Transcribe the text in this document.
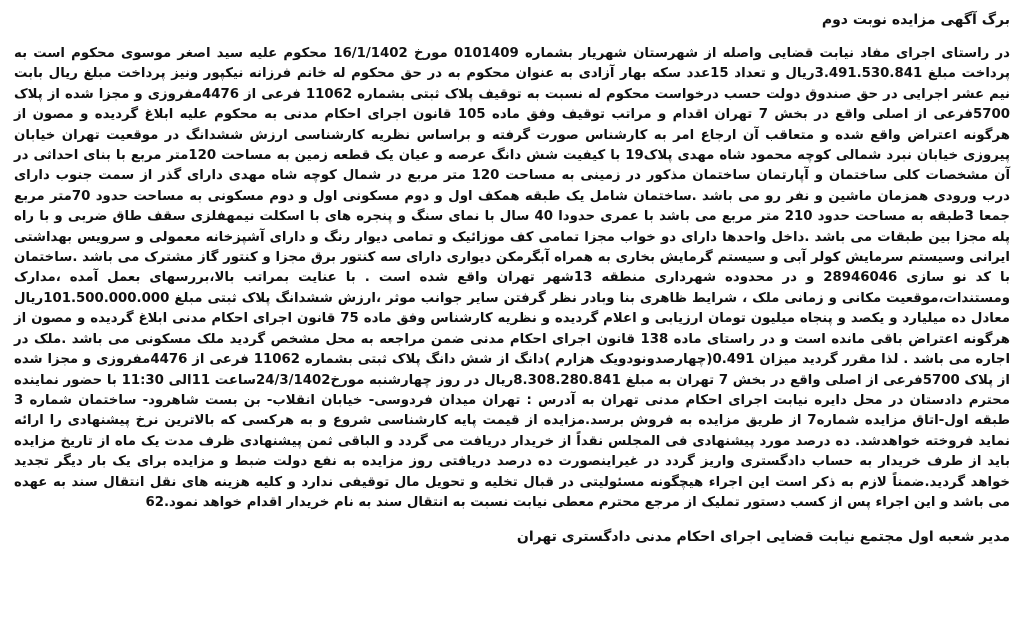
برگ آگهی مزایده نوبت دوم

در راستای اجرای مفاد نیابت قضایی واصله از شهرستان شهریار بشماره 0101409 مورخ 16/1/1402 محکوم علیه سید اصغر موسوی محکوم است به پرداخت مبلغ 3.491.530.841ریال و تعداد 15عدد سکه بهار آزادی به عنوان محکوم به در حق محکوم له خانم فرزانه نیکپور ونیز پرداخت مبلغ ریال بابت نیم عشر اجرایی در حق صندوق دولت حسب درخواست محکوم له نسبت به توقیف پلاک ثبتی بشماره 11062 فرعی از 4476مفروزی و مجزا شده از پلاک 5700فرعی از اصلی واقع در بخش 7 تهران اقدام و مراتب توقیف وفق ماده 105 قانون اجرای احکام مدنی به محکوم علیه ابلاغ گردیده و مصون از هرگونه اعتراض واقع شده و متعاقب آن ارجاع امر به کارشناس صورت گرفته و براساس نظریه کارشناسی ارزش ششدانگ در موقعیت تهران خیابان پیروزی خیابان نبرد شمالی کوچه محمود شاه مهدی پلاک19 با کیفیت شش دانگ عرصه و عیان یک قطعه زمین به مساحت 120متر مربع با بنای احداثی در آن مشخصات کلی ساختمان و آپارتمان ساختمان مذکور در زمینی به مساحت 120 متر مربع در شمال کوچه شاه مهدی دارای گذر از سمت جنوب دارای درب ورودی همزمان ماشین و نفر رو می باشد .ساختمان شامل یک طبقه همکف اول و دوم مسکونی اول و دوم مسکونی به مساحت حدود 70متر مربع جمعا 3طبقه به مساحت حدود 210 متر مربع می باشد با عمری حدودا 40 سال با نمای سنگ و پنجره های با اسکلت نیمهفلزی سقف طاق ضربی و با راه پله مجزا بین طبقات می باشد .داخل واحدها دارای دو خواب مجزا تمامی کف موزائیک و تمامی دیوار رنگ و دارای آشپزخانه معمولی و سرویس بهداشتی ایرانی وسیستم سرمایش کولر آبی و سیستم گرمایش بخاری به همراه آبگرمکن دیواری دارای سه کنتور برق مجزا و کنتور گاز مشترک می باشد .ساختمان با کد نو سازی 28946046 و در محدوده شهرداری منطقه 13شهر تهران واقع شده است . با عنایت بمراتب بالا،بررسهای بعمل آمده ،مدارک ومستندات،موقعیت مکانی و زمانی ملک ، شرایط ظاهری بنا وبادر نظر گرفتن سایر جوانب موثر ،ارزش ششدانگ پلاک ثبتی مبلغ 101.500.000.000ریال معادل ده میلیارد و یکصد و پنجاه میلیون تومان ارزیابی و اعلام گردیده و نظریه کارشناس وفق ماده 75 قانون اجرای احکام مدنی ابلاغ گردیده و مصون از هرگونه اعتراض باقی مانده است و در راستای ماده 138 قانون اجرای احکام مدنی ضمن مراجعه به محل مشخص گردید ملک مسکونی می باشد .ملک در اجاره می باشد . لذا مقرر گردید میزان 0.491(چهارصدونودویک هزارم )دانگ از شش دانگ پلاک ثبتی بشماره 11062 فرعی از 4476مفروزی و مجزا شده از پلاک 5700فرعی از اصلی واقع در بخش 7 تهران به مبلغ 8.308.280.841ریال در روز چهارشنبه مورخ24/3/1402ساعت 11الی 11:30 با حضور نماینده محترم دادستان در محل دایره نیابت اجرای احکام مدنی تهران به آدرس : تهران میدان فردوسی- خیابان انقلاب- بن بست شاهرود- ساختمان شماره 3 طبقه اول-اتاق مزایده شماره7 از طریق مزایده به فروش برسد.مزایده از قیمت پایه کارشناسی شروع و به هرکسی که بالاترین نرخ پیشنهادی را ارائه نماید فروخته خواهدشد. ده درصد مورد پیشنهادی فی المجلس نقداً از خریدار دریافت می گردد و الباقی ثمن پیشنهادی ظرف مدت یک ماه از تاریخ مزایده باید از طرف خریدار به حساب دادگستری واریز گردد در غیراینصورت ده درصد دریافتی روز مزایده به نفع دولت ضبط و مزایده برای یک بار دیگر تجدید خواهد گردید.ضمناً لازم به ذکر است این اجراء هیچگونه مسئولیتی در قبال تخلیه و تحویل مال توقیفی ندارد و کلیه هزینه های نقل انتقال سند به عهده می باشد و این اجراء پس از کسب دستور تملیک از مرجع محترم معطی نیابت نسبت به انتقال سند به نام خریدار اقدام خواهد نمود.62

مدیر شعبه اول مجتمع نیابت قضایی اجرای احکام مدنی دادگستری تهران
